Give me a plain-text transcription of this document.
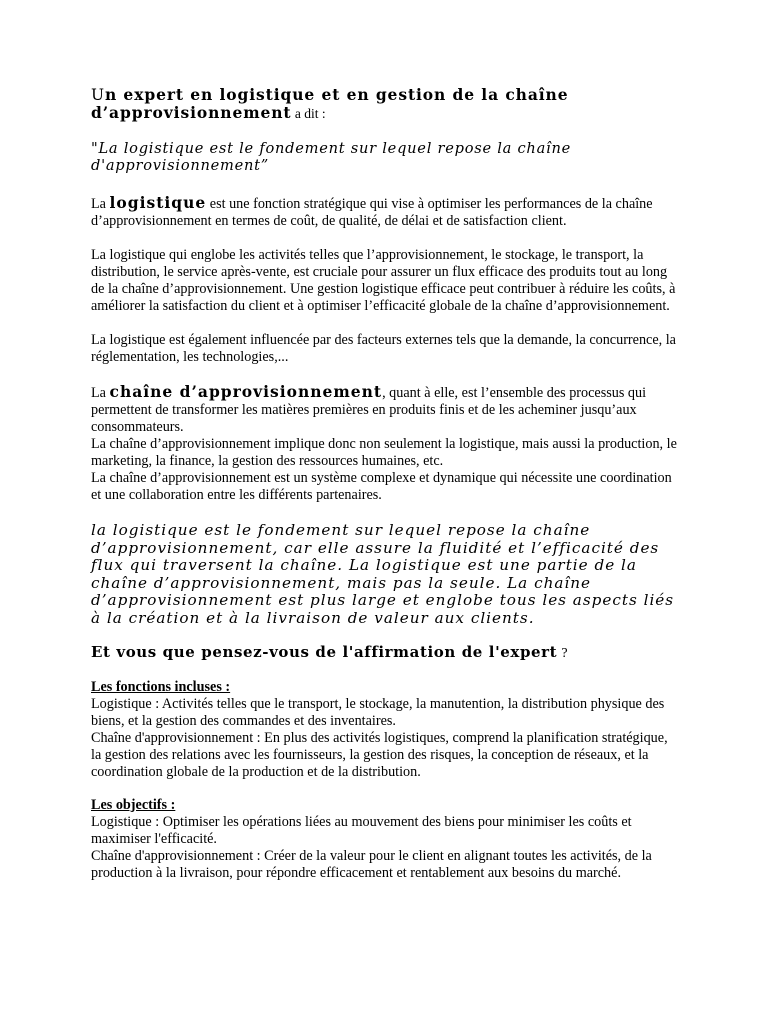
Un expert en logistique et en gestion de la chaîne d’approvisionnement a dit :
"La logistique est le fondement sur lequel repose la chaîne d'approvisionnement”
La logistique est une fonction stratégique qui vise à optimiser les performances de la chaîne d’approvisionnement en termes de coût, de qualité, de délai et de satisfaction client.
La logistique qui englobe les activités telles que l’approvisionnement, le stockage, le transport, la distribution, le service après-vente, est cruciale pour assurer un flux efficace des produits tout au long de la chaîne d’approvisionnement. Une gestion logistique efficace peut contribuer à réduire les coûts, à améliorer la satisfaction du client et à optimiser l’efficacité globale de la chaîne d’approvisionnement.
La logistique est également influencée par des facteurs externes tels que la demande, la concurrence, la réglementation, les technologies,...
La chaîne d’approvisionnement, quant à elle, est l’ensemble des processus qui permettent de transformer les matières premières en produits finis et de les acheminer jusqu’aux consommateurs.
La chaîne d’approvisionnement implique donc non seulement la logistique, mais aussi la production, le marketing, la finance, la gestion des ressources humaines, etc.
La chaîne d’approvisionnement est un système complexe et dynamique qui nécessite une coordination et une collaboration entre les différents partenaires.
la logistique est le fondement sur lequel repose la chaîne d’approvisionnement, car elle assure la fluidité et l’efficacité des flux qui traversent la chaîne. La logistique est une partie de la chaîne d’approvisionnement, mais pas la seule. La chaîne d’approvisionnement est plus large et englobe tous les aspects liés à la création et à la livraison de valeur aux clients.
Et vous que pensez-vous de l'affirmation de l'expert ?
Les fonctions incluses :
Logistique : Activités telles que le transport, le stockage, la manutention, la distribution physique des biens, et la gestion des commandes et des inventaires.
Chaîne d'approvisionnement : En plus des activités logistiques, comprend la planification stratégique, la gestion des relations avec les fournisseurs, la gestion des risques, la conception de réseaux, et la coordination globale de la production et de la distribution.
Les objectifs :
Logistique : Optimiser les opérations liées au mouvement des biens pour minimiser les coûts et maximiser l'efficacité.
Chaîne d'approvisionnement : Créer de la valeur pour le client en alignant toutes les activités, de la production à la livraison, pour répondre efficacement et rentablement aux besoins du marché.
